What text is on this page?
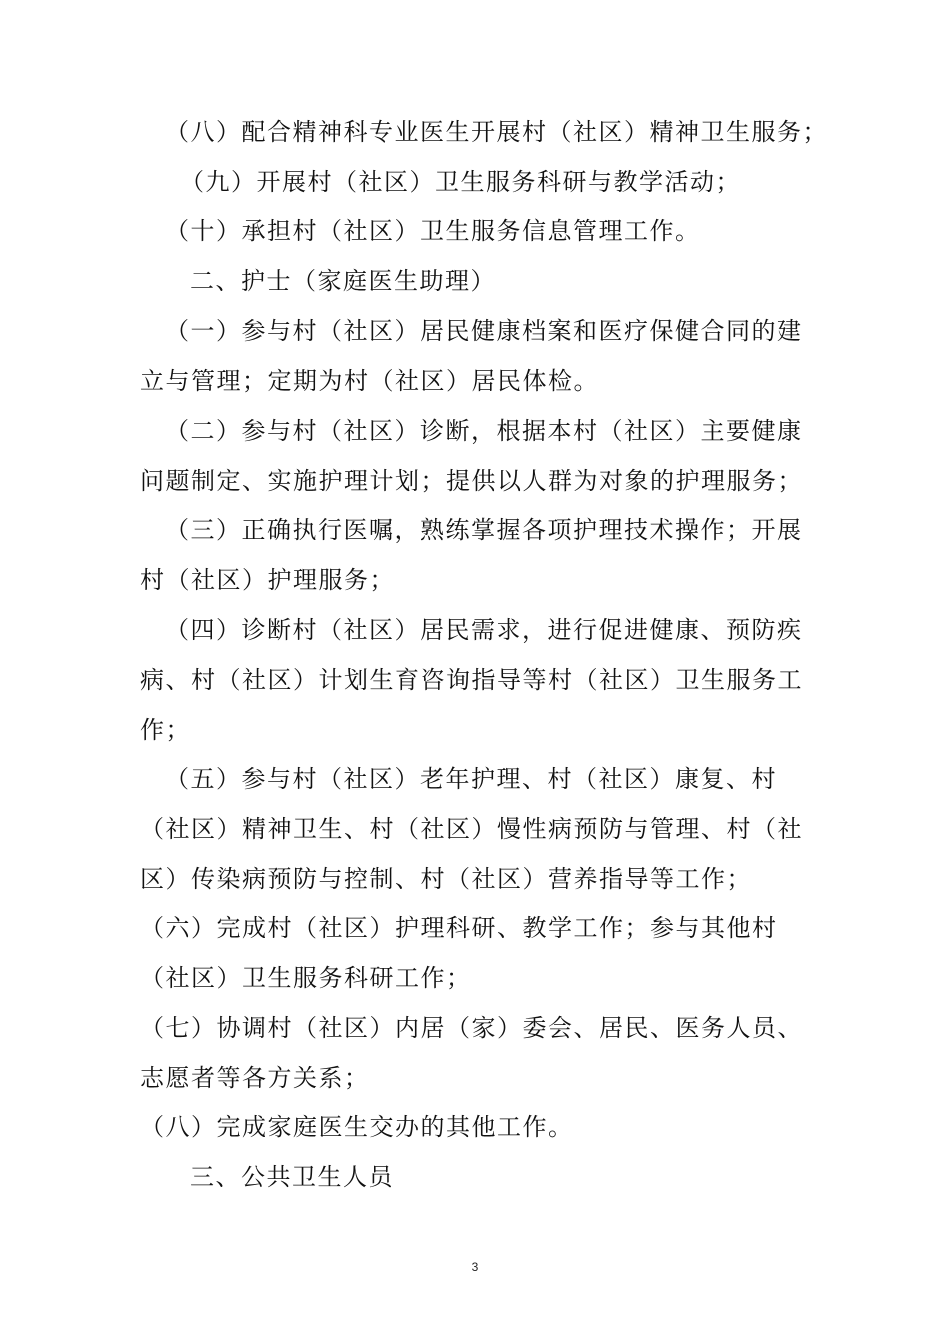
（八）配合精神科专业医生开展村（社区）精神卫生服务；
（九）开展村（社区）卫生服务科研与教学活动；
（十）承担村（社区）卫生服务信息管理工作。
二、护士（家庭医生助理）
（一）参与村（社区）居民健康档案和医疗保健合同的建
立与管理；定期为村（社区）居民体检。
（二）参与村（社区）诊断，根据本村（社区）主要健康
问题制定、实施护理计划；提供以人群为对象的护理服务；
（三）正确执行医嘱，熟练掌握各项护理技术操作；开展
村（社区）护理服务；
（四）诊断村（社区）居民需求，进行促进健康、预防疾
病、村（社区）计划生育咨询指导等村（社区）卫生服务工
作；
（五）参与村（社区）老年护理、村（社区）康复、村
（社区）精神卫生、村（社区）慢性病预防与管理、村（社
区）传染病预防与控制、村（社区）营养指导等工作；
（六）完成村（社区）护理科研、教学工作；参与其他村
（社区）卫生服务科研工作；
（七）协调村（社区）内居（家）委会、居民、医务人员、
志愿者等各方关系；
（八）完成家庭医生交办的其他工作。
三、公共卫生人员
3
